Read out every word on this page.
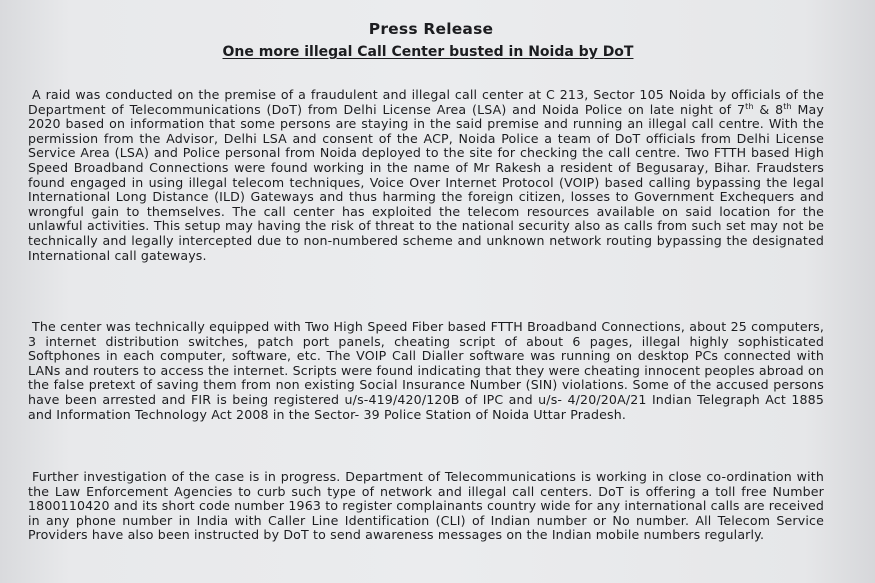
Press Release
One more illegal Call Center busted in Noida by DoT

A raid was conducted on the premise of a fraudulent and illegal call center at C 213, Sector 105 Noida by officials of the Department of Telecommunications (DoT) from Delhi License Area (LSA) and Noida Police on late night of 7th & 8th May 2020 based on information that some persons are staying in the said premise and running an illegal call centre. With the permission from the Advisor, Delhi LSA and consent of the ACP, Noida Police a team of DoT officials from Delhi License Service Area (LSA) and Police personal from Noida deployed to the site for checking the call centre. Two FTTH based High Speed Broadband Connections were found working in the name of Mr Rakesh a resident of Begusaray, Bihar. Fraudsters found engaged in using illegal telecom techniques, Voice Over Internet Protocol (VOIP) based calling bypassing the legal International Long Distance (ILD) Gateways and thus harming the foreign citizen, losses to Government Exchequers and wrongful gain to themselves. The call center has exploited the telecom resources available on said location for the unlawful activities. This setup may having the risk of threat to the national security also as calls from such set may not be technically and legally intercepted due to non-numbered scheme and unknown network routing bypassing the designated International call gateways.

The center was technically equipped with Two High Speed Fiber based FTTH Broadband Connections, about 25 computers, 3 internet distribution switches, patch port panels, cheating script of about 6 pages, illegal highly sophisticated Softphones in each computer, software, etc. The VOIP Call Dialler software was running on desktop PCs connected with LANs and routers to access the internet. Scripts were found indicating that they were cheating innocent peoples abroad on the false pretext of saving them from non existing Social Insurance Number (SIN) violations. Some of the accused persons have been arrested and FIR is being registered u/s-419/420/120B of IPC and u/s- 4/20/20A/21 Indian Telegraph Act 1885 and Information Technology Act 2008 in the Sector- 39 Police Station of Noida Uttar Pradesh.

Further investigation of the case is in progress. Department of Telecommunications is working in close co-ordination with the Law Enforcement Agencies to curb such type of network and illegal call centers. DoT is offering a toll free Number 1800110420 and its short code number 1963 to register complainants country wide for any international calls are received in any phone number in India with Caller Line Identification (CLI) of Indian number or No number. All Telecom Service Providers have also been instructed by DoT to send awareness messages on the Indian mobile numbers regularly.
